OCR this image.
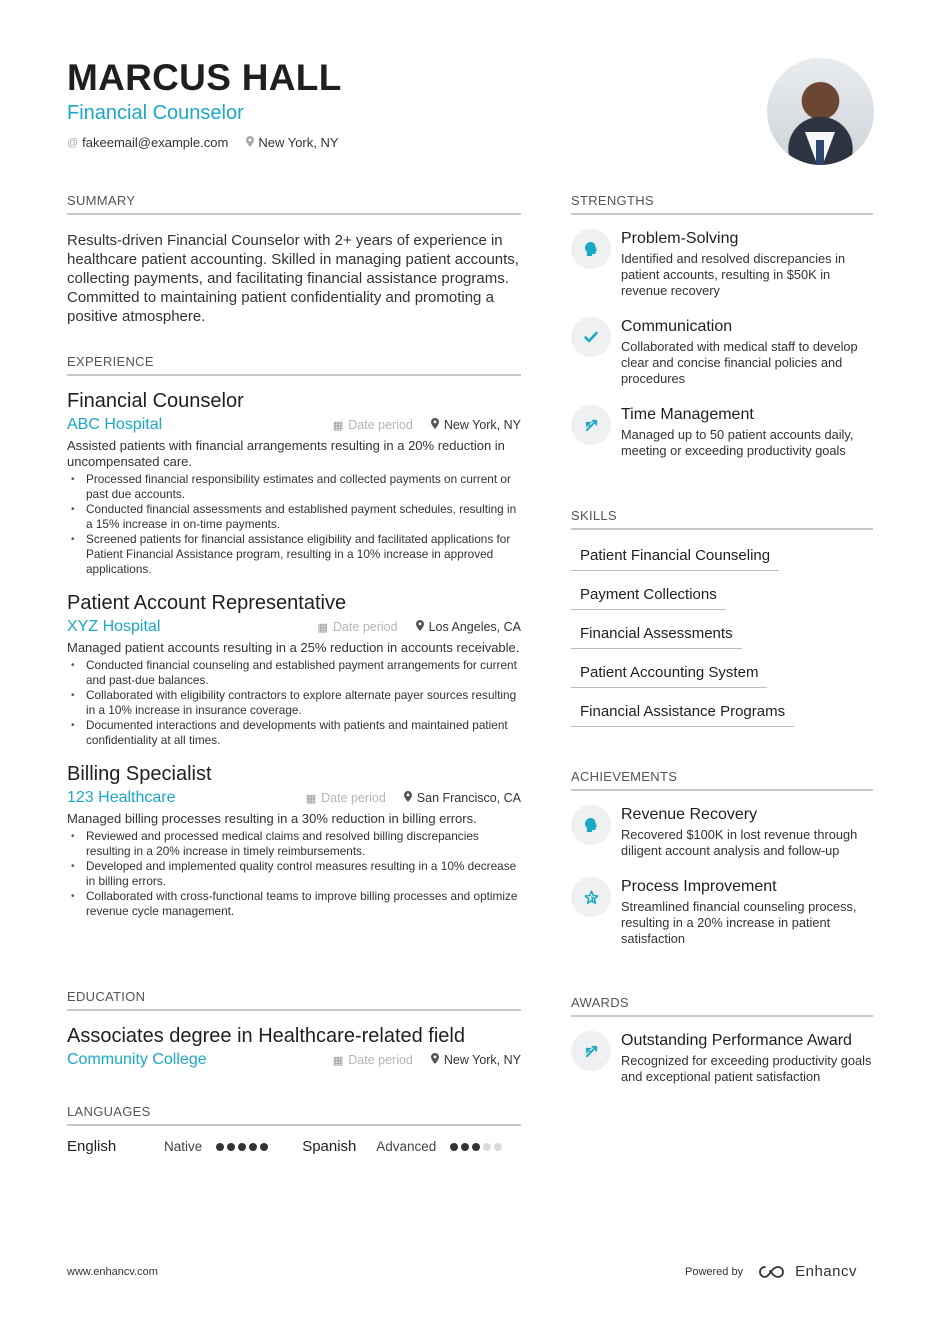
MARCUS HALL
Financial Counselor
@ fakeemail@example.com New York, NY
SUMMARY
Results-driven Financial Counselor with 2+ years of experience in healthcare patient accounting. Skilled in managing patient accounts, collecting payments, and facilitating financial assistance programs. Committed to maintaining patient confidentiality and promoting a positive atmosphere.
EXPERIENCE
Financial Counselor
ABC Hospital	▦ Date period New York, NY
Assisted patients with financial arrangements resulting in a 20% reduction in uncompensated care.
• Processed financial responsibility estimates and collected payments on current or past due accounts.
• Conducted financial assessments and established payment schedules, resulting in a 15% increase in on-time payments.
• Screened patients for financial assistance eligibility and facilitated applications for Patient Financial Assistance program, resulting in a 10% increase in approved applications.
Patient Account Representative
XYZ Hospital	▦ Date period Los Angeles, CA
Managed patient accounts resulting in a 25% reduction in accounts receivable.
• Conducted financial counseling and established payment arrangements for current and past-due balances.
• Collaborated with eligibility contractors to explore alternate payer sources resulting in a 10% increase in insurance coverage.
• Documented interactions and developments with patients and maintained patient confidentiality at all times.
Billing Specialist
123 Healthcare	▦ Date period San Francisco, CA
Managed billing processes resulting in a 30% reduction in billing errors.
• Reviewed and processed medical claims and resolved billing discrepancies resulting in a 20% increase in timely reimbursements.
• Developed and implemented quality control measures resulting in a 10% decrease in billing errors.
• Collaborated with cross-functional teams to improve billing processes and optimize revenue cycle management.
EDUCATION
Associates degree in Healthcare-related field
Community College	▦ Date period New York, NY
LANGUAGES
English	Native	Spanish	Advanced
STRENGTHS
Problem-Solving
Identified and resolved discrepancies in patient accounts, resulting in $50K in revenue recovery
Communication
Collaborated with medical staff to develop clear and concise financial policies and procedures
Time Management
Managed up to 50 patient accounts daily, meeting or exceeding productivity goals
SKILLS
Patient Financial Counseling
Payment Collections
Financial Assessments
Patient Accounting System
Financial Assistance Programs
ACHIEVEMENTS
Revenue Recovery
Recovered $100K in lost revenue through diligent account analysis and follow-up
Process Improvement
Streamlined financial counseling process, resulting in a 20% increase in patient satisfaction
AWARDS
Outstanding Performance Award
Recognized for exceeding productivity goals and exceptional patient satisfaction
www.enhancv.com	Powered by	Enhancv
